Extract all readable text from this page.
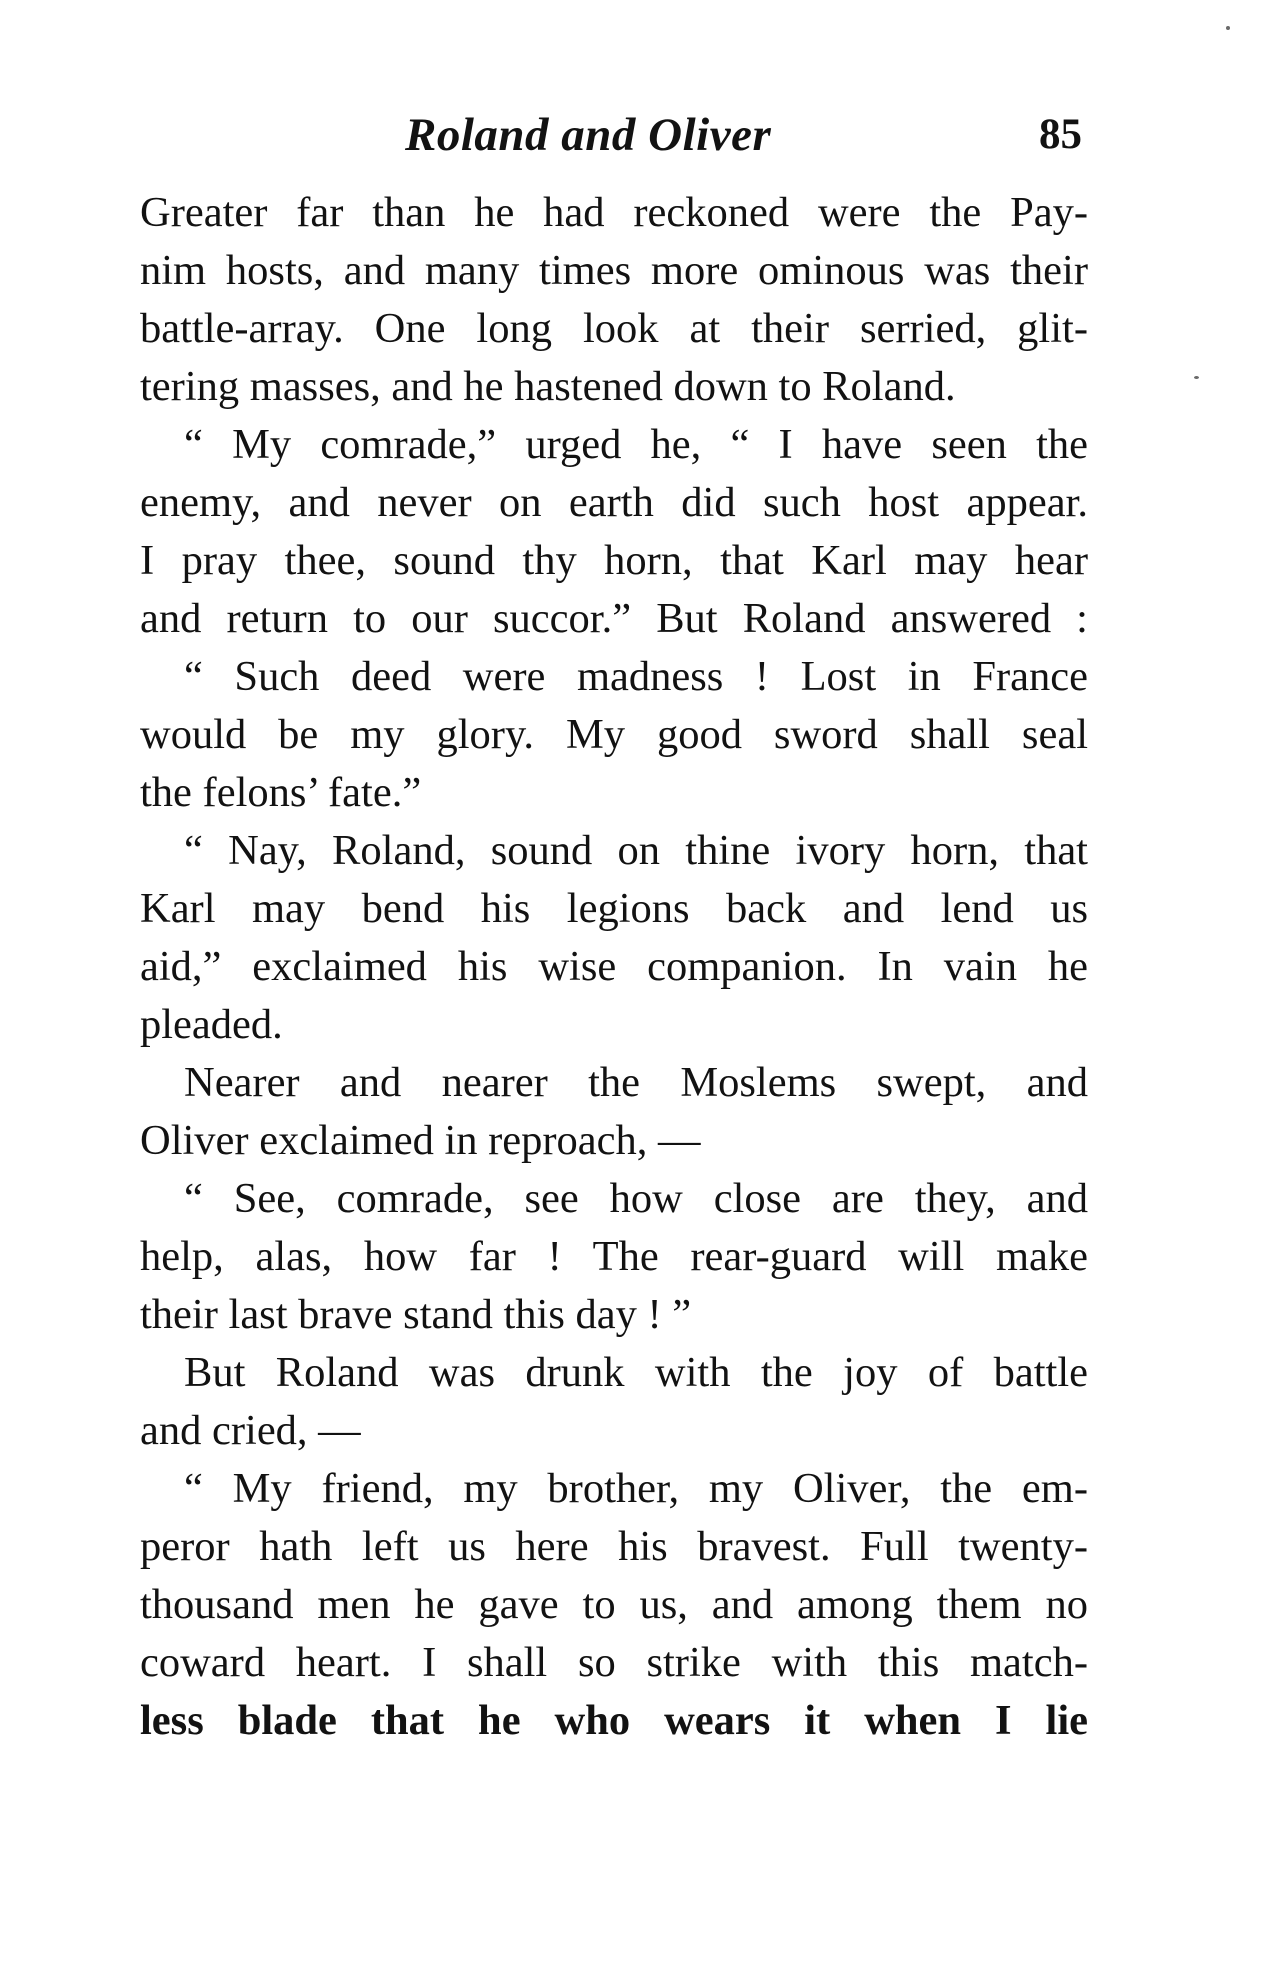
Roland and Oliver	85

Greater far than he had reckoned were the Pay-
nim hosts, and many times more ominous was their
battle-array. One long look at their serried, glit-
tering masses, and he hastened down to Roland.

“ My comrade,” urged he, “ I have seen the
enemy, and never on earth did such host appear.
I pray thee, sound thy horn, that Karl may hear
and return to our succor.” But Roland answered :

“ Such deed were madness ! Lost in France
would be my glory. My good sword shall seal
the felons’ fate.”

“ Nay, Roland, sound on thine ivory horn, that
Karl may bend his legions back and lend us
aid,” exclaimed his wise companion. In vain he
pleaded.

Nearer and nearer the Moslems swept, and
Oliver exclaimed in reproach, —

“ See, comrade, see how close are they, and
help, alas, how far ! The rear-guard will make
their last brave stand this day ! ”

But Roland was drunk with the joy of battle
and cried, —

“ My friend, my brother, my Oliver, the em-
peror hath left us here his bravest. Full twenty-
thousand men he gave to us, and among them no
coward heart. I shall so strike with this match-
less blade that he who wears it when I lie
